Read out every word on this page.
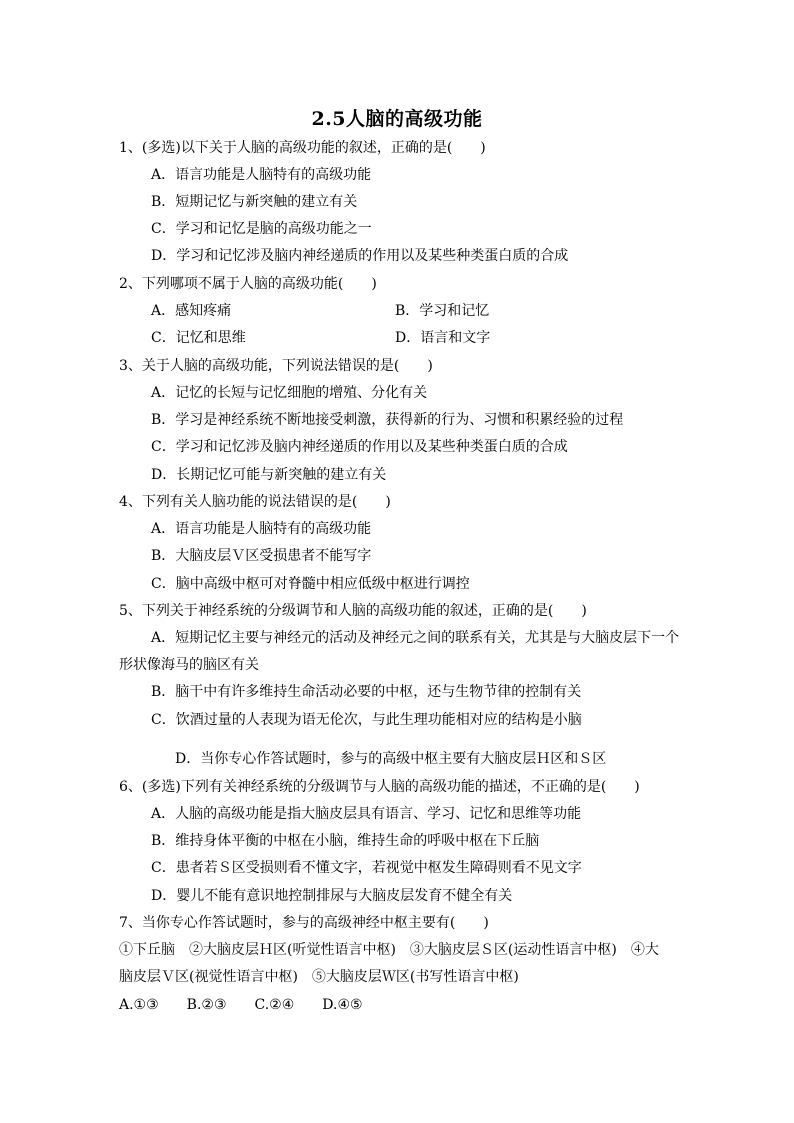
2.5人脑的高级功能
1、(多选)以下关于人脑的高级功能的叙述，正确的是(　　)
A．语言功能是人脑特有的高级功能
B．短期记忆与新突触的建立有关
C．学习和记忆是脑的高级功能之一
D．学习和记忆涉及脑内神经递质的作用以及某些种类蛋白质的合成
2、下列哪项不属于人脑的高级功能(　　)
A．感知疼痛	B．学习和记忆
C．记忆和思维	D．语言和文字
3、关于人脑的高级功能，下列说法错误的是(　　)
A．记忆的长短与记忆细胞的增殖、分化有关
B．学习是神经系统不断地接受刺激，获得新的行为、习惯和积累经验的过程
C．学习和记忆涉及脑内神经递质的作用以及某些种类蛋白质的合成
D．长期记忆可能与新突触的建立有关
4、下列有关人脑功能的说法错误的是(　　)
A．语言功能是人脑特有的高级功能
B．大脑皮层Ｖ区受损患者不能写字
C．脑中高级中枢可对脊髓中相应低级中枢进行调控
5、下列关于神经系统的分级调节和人脑的高级功能的叙述，正确的是(　　)
A．短期记忆主要与神经元的活动及神经元之间的联系有关，尤其是与大脑皮层下一个
形状像海马的脑区有关
B．脑干中有许多维持生命活动必要的中枢，还与生物节律的控制有关
C．饮酒过量的人表现为语无伦次，与此生理功能相对应的结构是小脑
D．当你专心作答试题时，参与的高级中枢主要有大脑皮层Ｈ区和Ｓ区
6、(多选)下列有关神经系统的分级调节与人脑的高级功能的描述，不正确的是(　　)
A．人脑的高级功能是指大脑皮层具有语言、学习、记忆和思维等功能
B．维持身体平衡的中枢在小脑，维持生命的呼吸中枢在下丘脑
C．患者若Ｓ区受损则看不懂文字，若视觉中枢发生障碍则看不见文字
D．婴儿不能有意识地控制排尿与大脑皮层发育不健全有关
7、当你专心作答试题时，参与的高级神经中枢主要有(　　)
①下丘脑　②大脑皮层Ｈ区(听觉性语言中枢)　③大脑皮层Ｓ区(运动性语言中枢)　④大
脑皮层Ｖ区(视觉性语言中枢)　⑤大脑皮层Ｗ区(书写性语言中枢)
A.①③　　B.②③　　C.②④　　D.④⑤
